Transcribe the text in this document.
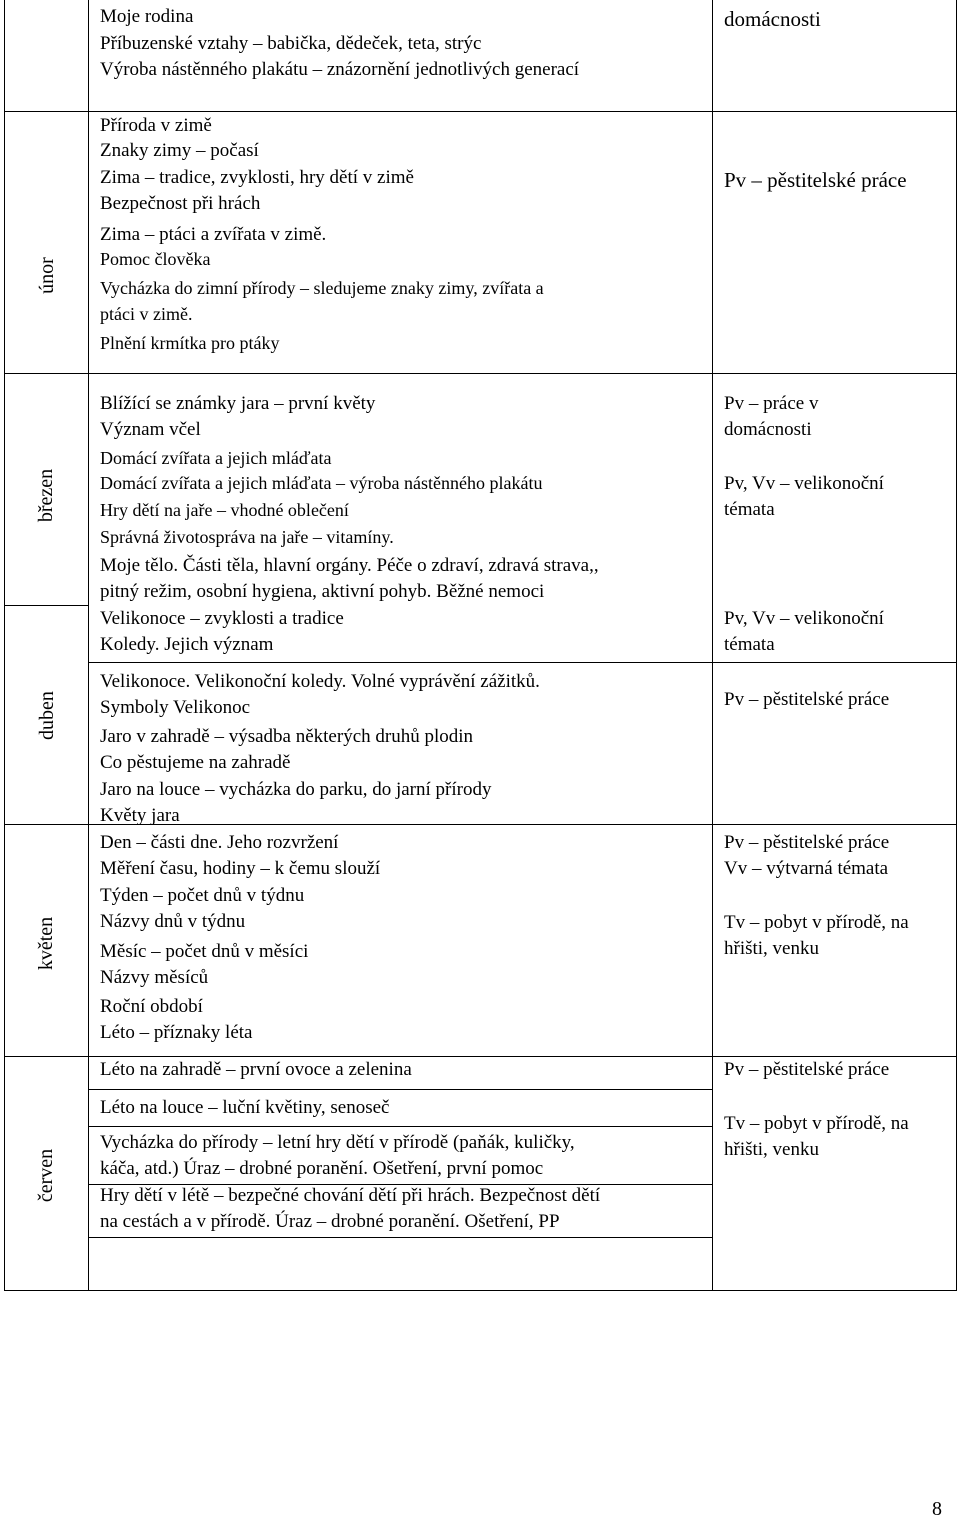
únor
březen
duben
květen
červen
Moje rodina
Příbuzenské vztahy – babička, dědeček, teta, strýc
Výroba nástěnného plakátu – znázornění jednotlivých generací
domácnosti
Příroda v zimě
Znaky zimy – počasí
Zima – tradice, zvyklosti, hry dětí v zimě
Bezpečnost při hrách
Zima – ptáci a zvířata v zimě.
Pomoc člověka
Vycházka do zimní přírody – sledujeme znaky zimy, zvířata a
ptáci v zimě.
Plnění krmítka pro ptáky
Pv – pěstitelské práce
Blížící se známky jara – první květy
Význam včel
Domácí zvířata a jejich mláďata
Domácí zvířata a jejich mláďata – výroba nástěnného plakátu
Hry dětí na jaře – vhodné oblečení
Správná životospráva na jaře – vitamíny.
Moje tělo. Části těla, hlavní orgány. Péče o zdraví, zdravá strava,,
pitný režim, osobní hygiena, aktivní pohyb. Běžné nemoci
Velikonoce – zvyklosti a tradice
Koledy. Jejich význam
Pv – práce v
domácnosti
Pv, Vv – velikonoční
témata
Pv, Vv – velikonoční
témata
Velikonoce. Velikonoční koledy. Volné vyprávění zážitků.
Symboly Velikonoc
Jaro v zahradě – výsadba některých druhů plodin
Co pěstujeme na zahradě
Jaro na louce – vycházka do parku, do jarní přírody
Květy jara
Pv – pěstitelské práce
Den – části dne. Jeho rozvržení
Měření času, hodiny – k čemu slouží
Týden – počet dnů v týdnu
Názvy dnů v týdnu
Měsíc – počet dnů v měsíci
Názvy měsíců
Roční období
Léto – příznaky léta
Pv – pěstitelské práce
Vv – výtvarná témata
Tv – pobyt v přírodě, na
hřišti, venku
Léto na zahradě – první ovoce a zelenina
Léto na louce – luční květiny, senoseč
Vycházka do přírody – letní hry dětí v přírodě (paňák, kuličky,
káča, atd.) Úraz – drobné poranění. Ošetření, první pomoc
Hry dětí v létě – bezpečné chování dětí při hrách. Bezpečnost dětí
na cestách a v přírodě. Úraz – drobné poranění. Ošetření, PP
Pv – pěstitelské práce
Tv – pobyt v přírodě, na
hřišti, venku
8
